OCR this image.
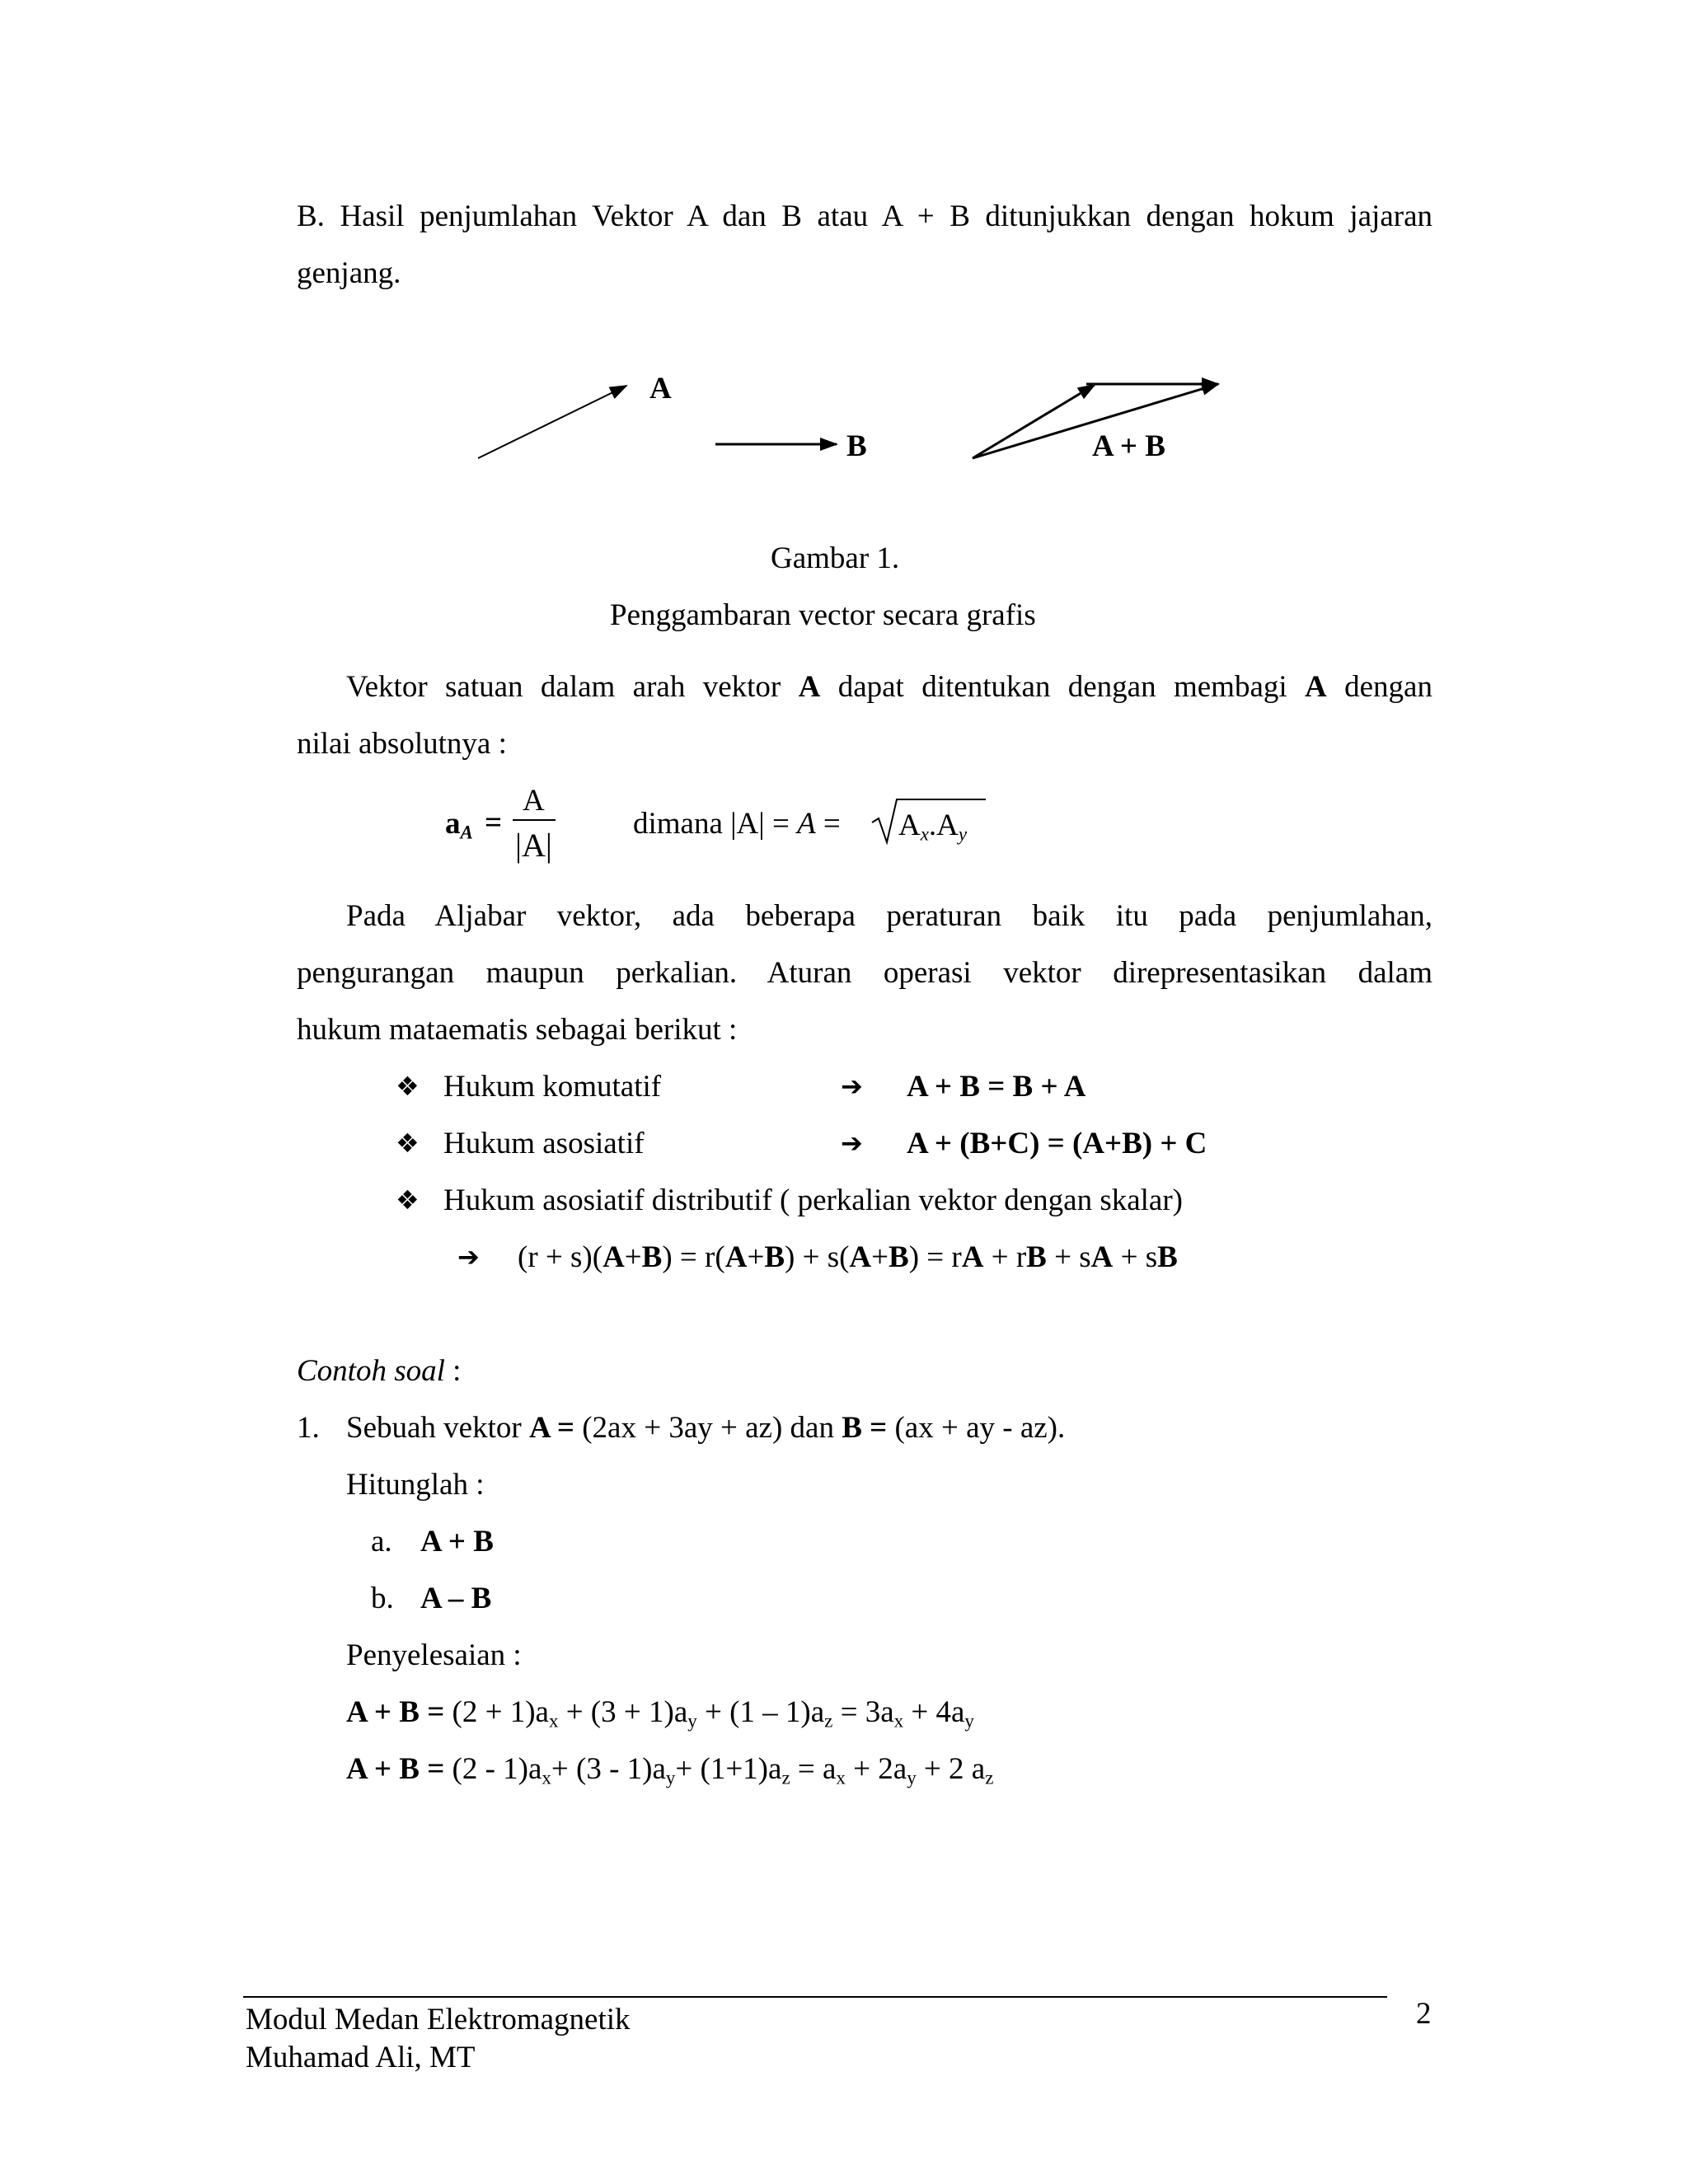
B. Hasil penjumlahan Vektor A dan B atau A + B ditunjukkan dengan hokum jajaran
genjang.
A
B	A + B
Gambar 1.
Penggambaran vector secara grafis
Vektor satuan dalam arah vektor A dapat ditentukan dengan membagi A dengan
nilai absolutnya :
$a_A$ =
A
|A|
dimana $|A| = A = A_x.A_y$
Pada Aljabar vektor, ada beberapa peraturan baik itu pada penjumlahan,
pengurangan maupun perkalian. Aturan operasi vektor direpresentasikan dalam
hukum mataematis sebagai berikut :
❖ Hukum komutatif	➔ A + B = B + A
❖ Hukum asosiatif	➔ A + (B+C) = (A+B) + C
❖ Hukum asosiatif distributif ( perkalian vektor dengan skalar)
➔ (r + s)(A+B) = r(A+B) + s(A+B) = rA + rB + sA + sB
Contoh soal :
1. Sebuah vektor A = (2ax + 3ay + az) dan B = (ax + ay - az).
Hitunglah :
a. A + B
b. A – B
Penyelesaian :
$A + B = (2 + 1)a_x + (3 + 1)a_y + (1 - 1)a_z = 3a_x + 4a_y$
$A + B = (2 - 1)a_x+ (3 - 1)a_y+ (1+1)a_z = a_x + 2a_y + 2$ $a_z$
Modul Medan Elektromagnetik
Muhamad Ali, MT
2
